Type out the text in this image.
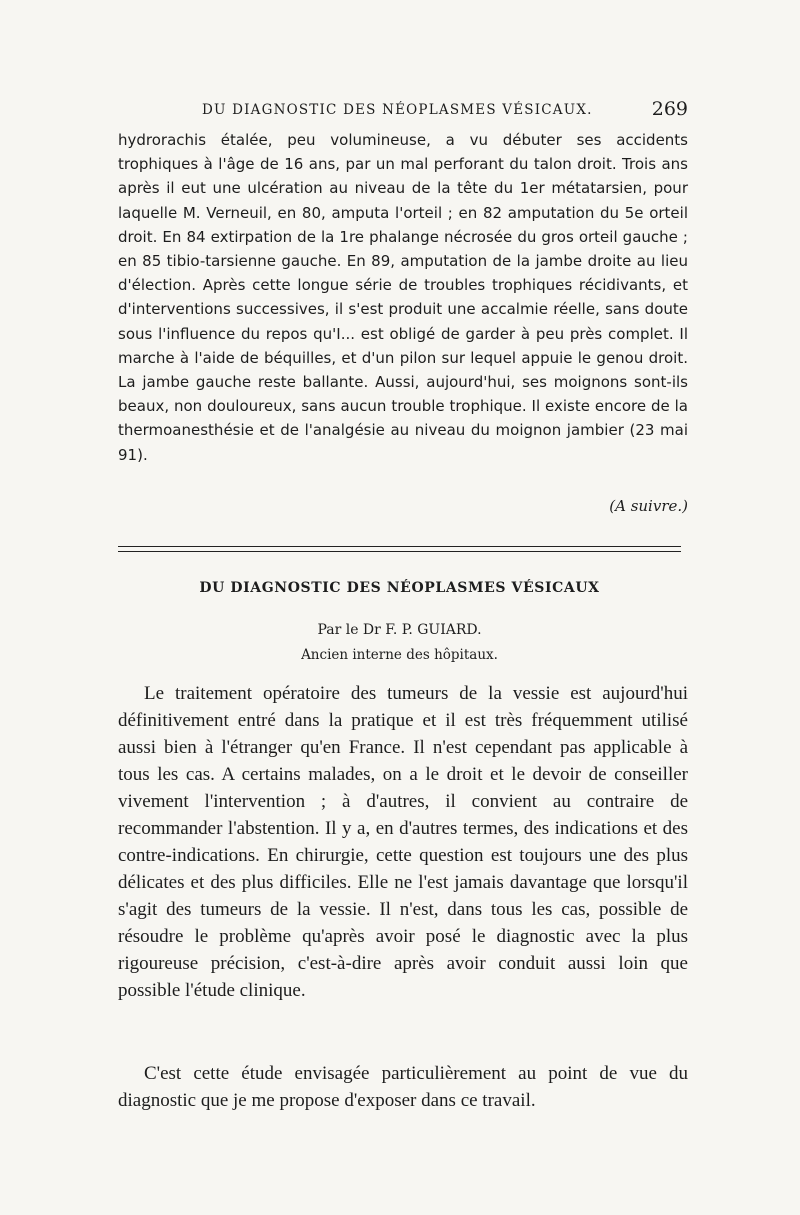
DU DIAGNOSTIC DES NÉOPLASMES VÉSICAUX.	269

hydrorachis étalée, peu volumineuse, a vu débuter ses accidents trophiques à l'âge de 16 ans, par un mal perforant du talon droit. Trois ans après il eut une ulcération au niveau de la tête du 1er métatarsien, pour laquelle M. Verneuil, en 80, amputa l'orteil ; en 82 amputation du 5e orteil droit. En 84 extirpation de la 1re phalange nécrosée du gros orteil gauche ; en 85 tibio-tarsienne gauche. En 89, amputation de la jambe droite au lieu d'élection. Après cette longue série de troubles trophiques récidivants, et d'interventions successives, il s'est produit une accalmie réelle, sans doute sous l'influence du repos qu'I... est obligé de garder à peu près complet. Il marche à l'aide de béquilles, et d'un pilon sur lequel appuie le genou droit. La jambe gauche reste ballante. Aussi, aujourd'hui, ses moignons sont-ils beaux, non douloureux, sans aucun trouble trophique. Il existe encore de la thermoanesthésie et de l'analgésie au niveau du moignon jambier (23 mai 91).

(A suivre.)
DU DIAGNOSTIC DES NÉOPLASMES VÉSICAUX
Par le Dr F. P. GUIARD.
Ancien interne des hôpitaux.

Le traitement opératoire des tumeurs de la vessie est aujourd'hui définitivement entré dans la pratique et il est très fréquemment utilisé aussi bien à l'étranger qu'en France. Il n'est cependant pas applicable à tous les cas. A certains malades, on a le droit et le devoir de conseiller vivement l'intervention ; à d'autres, il convient au contraire de recommander l'abstention. Il y a, en d'autres termes, des indications et des contre-indications. En chirurgie, cette question est toujours une des plus délicates et des plus difficiles. Elle ne l'est jamais davantage que lorsqu'il s'agit des tumeurs de la vessie. Il n'est, dans tous les cas, possible de résoudre le problème qu'après avoir posé le diagnostic avec la plus rigoureuse précision, c'est-à-dire après avoir conduit aussi loin que possible l'étude clinique.

C'est cette étude envisagée particulièrement au point de vue du diagnostic que je me propose d'exposer dans ce travail.
